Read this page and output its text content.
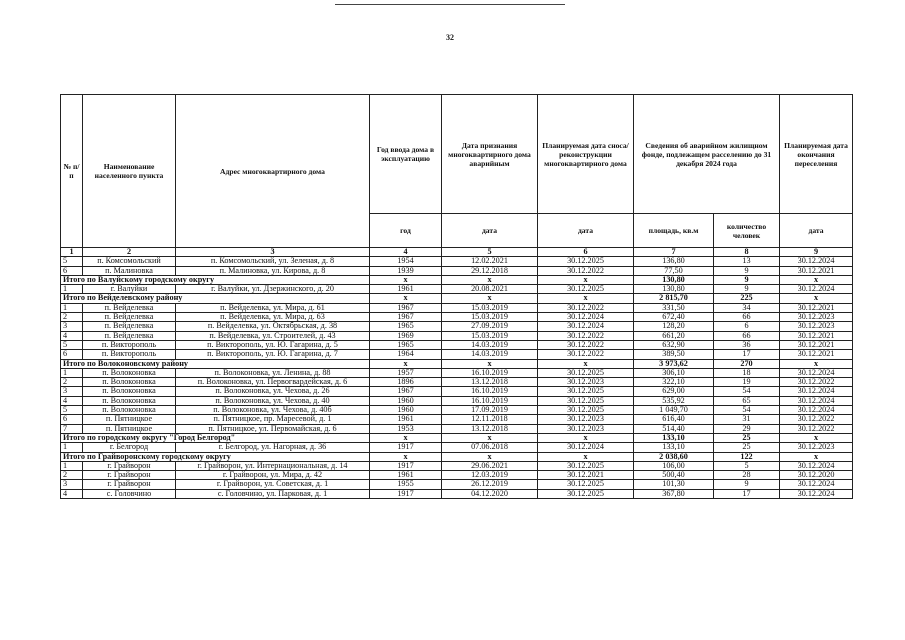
32
№ п/п	Наименование населенного пункта	Адрес многоквартирного дома	Год ввода дома в эксплуатацию	Дата признания многоквартирного дома аварийным	Планируемая дата сноса/ реконструкции многоквартирного дома	Сведения об аварийном жилищном фонде, подлежащем расселению до 31 декабря 2024 года		Планируемая дата окончания переселения
			год	дата	дата	площадь, кв.м	количество человек	дата
1	2	3	4	5	6	7	8	9
5	п. Комсомольский	п. Комсомольский, ул. Зеленая, д. 8	1954	12.02.2021	30.12.2025	136,80	13	30.12.2024
6	п. Малиновка	п. Малиновка, ул. Кирова, д. 8	1939	29.12.2018	30.12.2022	77,50	9	30.12.2021
Итого по Валуйскому городскому округу			x	x	x	130,80	9	x
1	г. Валуйки	г. Валуйки, ул. Дзержинского, д. 20	1961	20.08.2021	30.12.2025	130,80	9	30.12.2024
Итого по Вейделевскому району			x	x	x	2 815,70	225	x
1	п. Вейделевка	п. Вейделевка, ул. Мира, д. 61	1967	15.03.2019	30.12.2022	331,50	34	30.12.2021
2	п. Вейделевка	п. Вейделевка, ул. Мира, д. 63	1967	15.03.2019	30.12.2024	672,40	66	30.12.2023
3	п. Вейделевка	п. Вейделевка, ул. Октябрьская, д. 38	1965	27.09.2019	30.12.2024	128,20	6	30.12.2023
4	п. Вейделевка	п. Вейделевка, ул. Строителей, д. 43	1969	15.03.2019	30.12.2022	661,20	66	30.12.2021
5	п. Викторополь	п. Викторополь, ул. Ю. Гагарина, д. 5	1965	14.03.2019	30.12.2022	632,90	36	30.12.2021
6	п. Викторополь	п. Викторополь, ул. Ю. Гагарина, д. 7	1964	14.03.2019	30.12.2022	389,50	17	30.12.2021
Итого по Волоконовскому району			x	x	x	3 973,62	270	x
1	п. Волоконовка	п. Волоконовка, ул. Ленина, д. 88	1957	16.10.2019	30.12.2025	306,10	18	30.12.2024
2	п. Волоконовка	п. Волоконовка, ул. Первогвардейская, д. 6	1896	13.12.2018	30.12.2023	322,10	19	30.12.2022
3	п. Волоконовка	п. Волоконовка, ул. Чехова, д. 26	1967	16.10.2019	30.12.2025	629,00	54	30.12.2024
4	п. Волоконовка	п. Волоконовка, ул. Чехова, д. 40	1960	16.10.2019	30.12.2025	535,92	65	30.12.2024
5	п. Волоконовка	п. Волоконовка, ул. Чехова, д. 40б	1960	17.09.2019	30.12.2025	1 049,70	54	30.12.2024
6	п. Пятницкое	п. Пятницкое, пр. Маресевой, д. 1	1961	12.11.2018	30.12.2023	616,40	31	30.12.2022
7	п. Пятницкое	п. Пятницкое, ул. Первомайская, д. 6	1953	13.12.2018	30.12.2023	514,40	29	30.12.2022
Итого по городскому округу "Город Белгород"			x	x	x	133,10	25	x
1	г. Белгород	г. Белгород, ул. Нагорная, д. 36	1917	07.06.2018	30.12.2024	133,10	25	30.12.2023
Итого по Грайворонскому городскому округу			x	x	x	2 038,60	122	x
1	г. Грайворон	г. Грайворон, ул. Интернациональная, д. 14	1917	29.06.2021	30.12.2025	106,00	5	30.12.2024
2	г. Грайворон	г. Грайворон, ул. Мира, д. 42	1961	12.03.2019	30.12.2021	500,40	28	30.12.2020
3	г. Грайворон	г. Грайворон, ул. Советская, д. 1	1955	26.12.2019	30.12.2025	101,30	9	30.12.2024
4	с. Головчино	с. Головчино, ул. Парковая, д. 1	1917	04.12.2020	30.12.2025	367,80	17	30.12.2024
